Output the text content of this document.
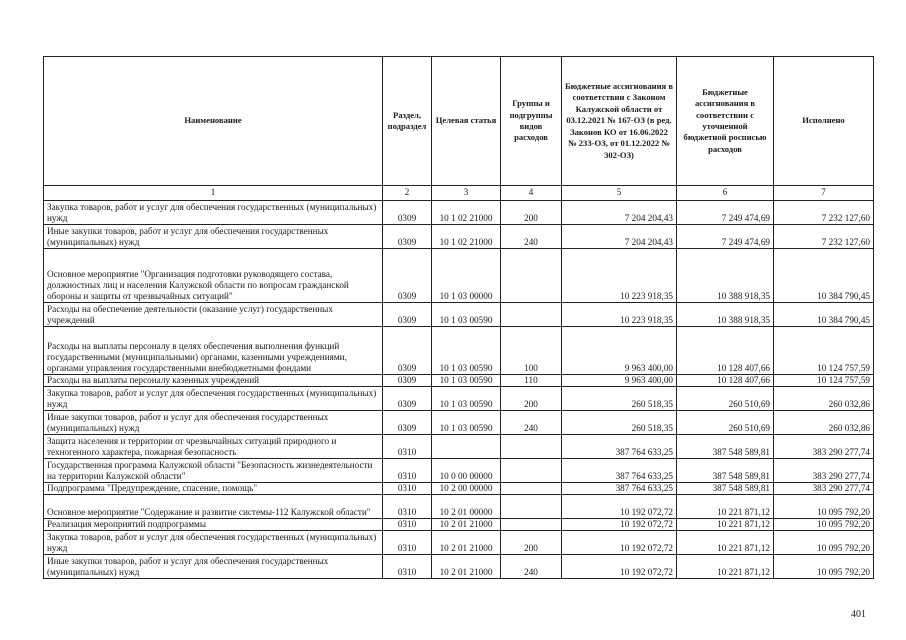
Наименование	Раздел, подраздел	Целевая статья	Группы и подгруппы видов расходов	Бюджетные ассигнования в соответствии с Законом Калужской области от 03.12.2021 № 167-ОЗ (в ред. Законов КО от 16.06.2022 № 233-ОЗ, от 01.12.2022 № 302-ОЗ)	Бюджетные ассигнования в соответствии с уточненной бюджетной росписью расходов	Исполнено
1	2	3	4	5	6	7
Закупка товаров, работ и услуг для обеспечения государственных (муниципальных) нужд	0309	10 1 02 21000	200	7 204 204,43	7 249 474,69	7 232 127,60
Иные закупки товаров, работ и услуг для обеспечения государственных (муниципальных) нужд	0309	10 1 02 21000	240	7 204 204,43	7 249 474,69	7 232 127,60
Основное мероприятие "Организация подготовки руководящего состава, должностных лиц и населения Калужской области по вопросам гражданской обороны и защиты от чрезвычайных ситуаций"	0309	10 1 03 00000		10 223 918,35	10 388 918,35	10 384 790,45
Расходы на обеспечение деятельности (оказание услуг) государственных учреждений	0309	10 1 03 00590		10 223 918,35	10 388 918,35	10 384 790,45
Расходы на выплаты персоналу в целях обеспечения выполнения функций государственными (муниципальными) органами, казенными учреждениями, органами управления государственными внебюджетными фондами	0309	10 1 03 00590	100	9 963 400,00	10 128 407,66	10 124 757,59
Расходы на выплаты персоналу казенных учреждений	0309	10 1 03 00590	110	9 963 400,00	10 128 407,66	10 124 757,59
Закупка товаров, работ и услуг для обеспечения государственных (муниципальных) нужд	0309	10 1 03 00590	200	260 518,35	260 510,69	260 032,86
Иные закупки товаров, работ и услуг для обеспечения государственных (муниципальных) нужд	0309	10 1 03 00590	240	260 518,35	260 510,69	260 032,86
Защита населения и территории от чрезвычайных ситуаций природного и техногенного характера, пожарная безопасность	0310			387 764 633,25	387 548 589,81	383 290 277,74
Государственная программа Калужской области "Безопасность жизнедеятельности на территории Калужской области"	0310	10 0 00 00000		387 764 633,25	387 548 589,81	383 290 277,74
Подпрограмма "Предупреждение, спасение, помощь"	0310	10 2 00 00000		387 764 633,25	387 548 589,81	383 290 277,74
Основное мероприятие "Содержание и развитие системы-112 Калужской области"	0310	10 2 01 00000		10 192 072,72	10 221 871,12	10 095 792,20
Реализация мероприятий подпрограммы	0310	10 2 01 21000		10 192 072,72	10 221 871,12	10 095 792,20
Закупка товаров, работ и услуг для обеспечения государственных (муниципальных) нужд	0310	10 2 01 21000	200	10 192 072,72	10 221 871,12	10 095 792,20
Иные закупки товаров, работ и услуг для обеспечения государственных (муниципальных) нужд	0310	10 2 01 21000	240	10 192 072,72	10 221 871,12	10 095 792,20
401
